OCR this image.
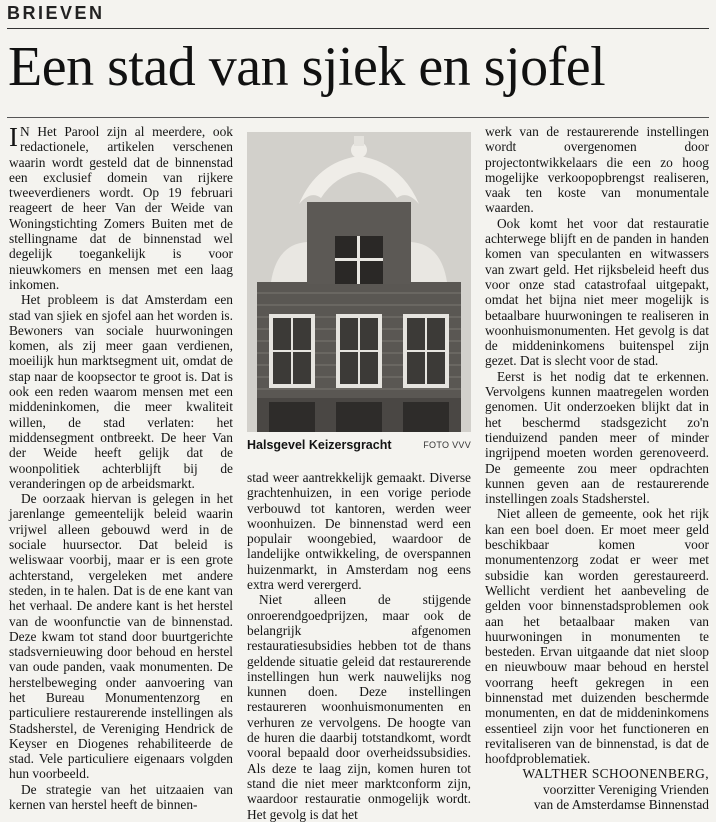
BRIEVEN
Een stad van sjiek en sjofel

I N Het Parool zijn al meerdere, ook redactionele, artikelen verschenen waarin wordt gesteld dat de binnenstad een exclusief domein van rijkere tweeverdieners wordt. Op 19 februari reageert de heer Van der Weide van Woningstichting Zomers Buiten met de stellingname dat de binnenstad wel degelijk toegankelijk is voor nieuwkomers en mensen met een laag inkomen.

Het probleem is dat Amsterdam een stad van sjiek en sjofel aan het worden is. Bewoners van sociale huurwoningen komen, als zij meer gaan verdienen, moeilijk hun marktsegment uit, omdat de stap naar de koopsector te groot is. Dat is ook een reden waarom mensen met een middeninkomen, die meer kwaliteit willen, de stad verlaten: het middensegment ontbreekt. De heer Van der Weide heeft gelijk dat de woonpolitiek achterblijft bij de veranderingen op de arbeidsmarkt.

De oorzaak hiervan is gelegen in het jarenlange gemeentelijk beleid waarin vrijwel alleen gebouwd werd in de sociale huursector. Dat beleid is weliswaar voorbij, maar er is een grote achterstand, vergeleken met andere steden, in te halen. Dat is de ene kant van het verhaal. De andere kant is het herstel van de woonfunctie van de binnenstad. Deze kwam tot stand door buurtgerichte stadsvernieuwing door behoud en herstel van oude panden, vaak monumenten. De herstelbeweging onder aanvoering van het Bureau Monumentenzorg en particuliere restaurerende instellingen als Stadsherstel, de Vereniging Hendrick de Keyser en Diogenes rehabiliteerde de stad. Vele particuliere eigenaars volgden hun voorbeeld.

De strategie van het uitzaaien van kernen van herstel heeft de binnen-

Halsgevel Keizersgracht	FOTO VVV

stad weer aantrekkelijk gemaakt. Diverse grachtenhuizen, in een vorige periode verbouwd tot kantoren, werden weer woonhuizen. De binnenstad werd een populair woongebied, waardoor de landelijke ontwikkeling, de overspannen huizenmarkt, in Amsterdam nog eens extra werd verergerd.

Niet alleen de stijgende onroerendgoedprijzen, maar ook de belangrijk afgenomen restauratiesubsidies hebben tot de thans geldende situatie geleid dat restaurerende instellingen hun werk nauwelijks nog kunnen doen. Deze instellingen restaureren woonhuismonumenten en verhuren ze vervolgens. De hoogte van de huren die daarbij totstandkomt, wordt vooral bepaald door overheidssubsidies. Als deze te laag zijn, komen huren tot stand die niet meer marktconform zijn, waardoor restauratie onmogelijk wordt. Het gevolg is dat het

werk van de restaurerende instellingen wordt overgenomen door projectontwikkelaars die een zo hoog mogelijke verkoopopbrengst realiseren, vaak ten koste van monumentale waarden.

Ook komt het voor dat restauratie achterwege blijft en de panden in handen komen van speculanten en witwassers van zwart geld. Het rijksbeleid heeft dus voor onze stad catastrofaal uitgepakt, omdat het bijna niet meer mogelijk is betaalbare huurwoningen te realiseren in woonhuismonumenten. Het gevolg is dat de middeninkomens buitenspel zijn gezet. Dat is slecht voor de stad.

Eerst is het nodig dat te erkennen. Vervolgens kunnen maatregelen worden genomen. Uit onderzoeken blijkt dat in het beschermd stadsgezicht zo'n tienduizend panden meer of minder ingrijpend moeten worden gerenoveerd. De gemeente zou meer opdrachten kunnen geven aan de restaurerende instellingen zoals Stadsherstel.

Niet alleen de gemeente, ook het rijk kan een boel doen. Er moet meer geld beschikbaar komen voor monumentenzorg zodat er weer met subsidie kan worden gerestaureerd. Wellicht verdient het aanbeveling de gelden voor binnenstadsproblemen ook aan het betaalbaar maken van huurwoningen in monumenten te besteden. Ervan uitgaande dat niet sloop en nieuwbouw maar behoud en herstel voorrang heeft gekregen in een binnenstad met duizenden beschermde monumenten, en dat de middeninkomens essentieel zijn voor het functioneren en revitaliseren van de binnenstad, is dat de hoofdproblematiek.

WALTHER SCHOONENBERG,
voorzitter Vereniging Vrienden
van de Amsterdamse Binnenstad
